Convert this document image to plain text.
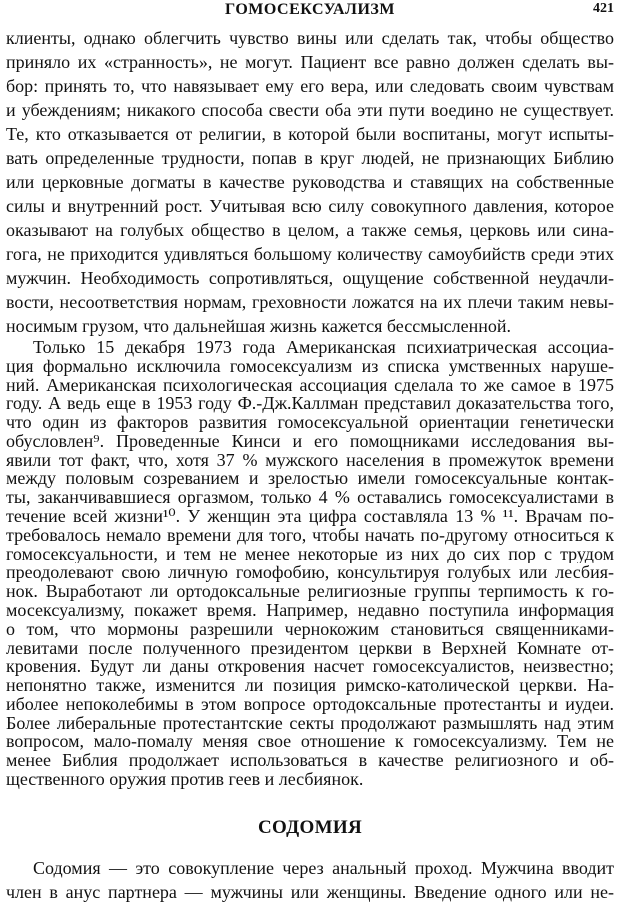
ГОМОСЕКСУАЛИЗМ	421
клиенты, однако облегчить чувство вины или сделать так, чтобы общество
приняло их «странность», не могут. Пациент все равно должен сделать вы-
бор: принять то, что навязывает ему его вера, или следовать своим чувствам
и убеждениям; никакого способа свести оба эти пути воедино не существует.
Те, кто отказывается от религии, в которой были воспитаны, могут испыты-
вать определенные трудности, попав в круг людей, не признающих Библию
или церковные догматы в качестве руководства и ставящих на собственные
силы и внутренний рост. Учитывая всю силу совокупного давления, которое
оказывают на голубых общество в целом, а также семья, церковь или сина-
гога, не приходится удивляться большому количеству самоубийств среди этих
мужчин. Необходимость сопротивляться, ощущение собственной неудачли-
вости, несоответствия нормам, греховности ложатся на их плечи таким невы-
носимым грузом, что дальнейшая жизнь кажется бессмысленной.
Только 15 декабря 1973 года Американская психиатрическая ассоциа-
ция формально исключила гомосексуализм из списка умственных наруше-
ний. Американская психологическая ассоциация сделала то же самое в 1975
году. А ведь еще в 1953 году Ф.-Дж.Каллман представил доказательства того,
что один из факторов развития гомосексуальной ориентации генетически
обусловлен⁹. Проведенные Кинси и его помощниками исследования вы-
явили тот факт, что, хотя 37 % мужского населения в промежуток времени
между половым созреванием и зрелостью имели гомосексуальные контак-
ты, заканчивавшиеся оргазмом, только 4 % оставались гомосексуалистами в
течение всей жизни¹⁰. У женщин эта цифра составляла 13 % ¹¹. Врачам по-
требовалось немало времени для того, чтобы начать по-другому относиться к
гомосексуальности, и тем не менее некоторые из них до сих пор с трудом
преодолевают свою личную гомофобию, консультируя голубых или лесбия-
нок. Выработают ли ортодоксальные религиозные группы терпимость к го-
мосексуализму, покажет время. Например, недавно поступила информация
о том, что мормоны разрешили чернокожим становиться священниками-
левитами после полученного президентом церкви в Верхней Комнате от-
кровения. Будут ли даны откровения насчет гомосексуалистов, неизвестно;
непонятно также, изменится ли позиция римско-католической церкви. На-
иболее непоколебимы в этом вопросе ортодоксальные протестанты и иудеи.
Более либеральные протестантские секты продолжают размышлять над этим
вопросом, мало-помалу меняя свое отношение к гомосексуализму. Тем не
менее Библия продолжает использоваться в качестве религиозного и об-
щественного оружия против геев и лесбиянок.
СОДОМИЯ
Содомия — это совокупление через анальный проход. Мужчина вводит
член в анус партнера — мужчины или женщины. Введение одного или не-
